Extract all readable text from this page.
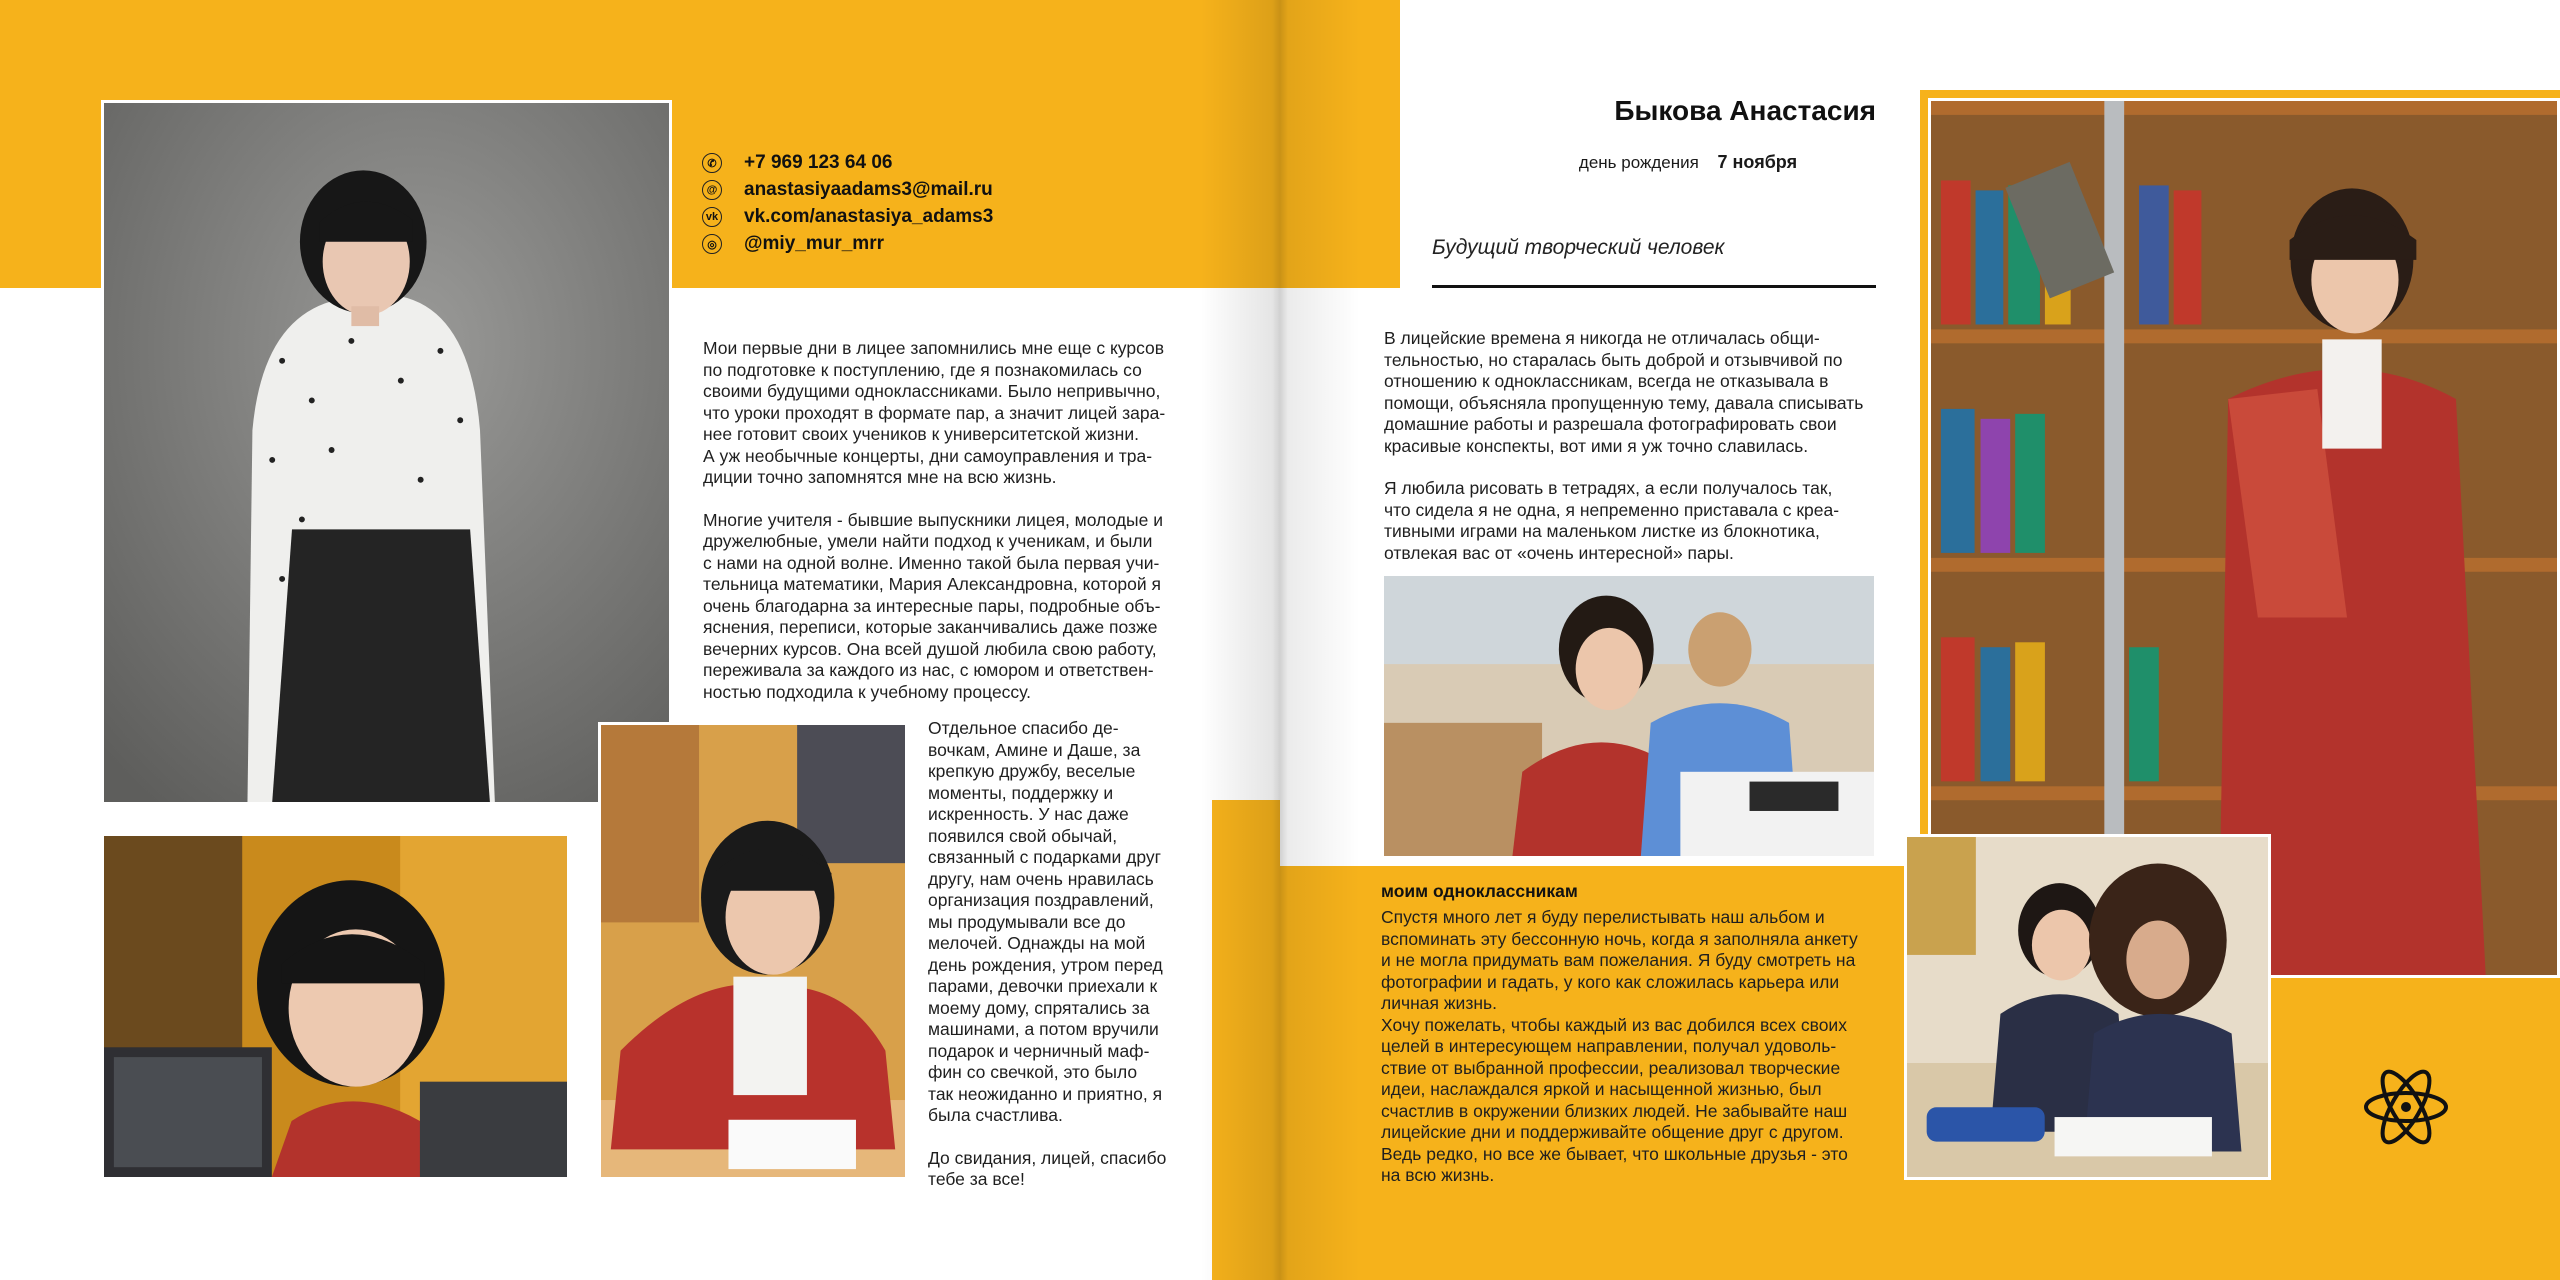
✆ +7 969 123 64 06
@ anastasiyaadams3@mail.ru
vk vk.com/anastasiya_adams3
◎ @miy_mur_mrr

Мои первые дни в лицее запомнились мне еще с курсов
по подготовке к поступлению, где я познакомилась со
своими будущими одноклассниками. Было непривычно,
что уроки проходят в формате пар, а значит лицей зара-
нее готовит своих учеников к университетской жизни.
А уж необычные концерты, дни самоуправления и тра-
диции точно запомнятся мне на всю жизнь.

Многие учителя - бывшие выпускники лицея, молодые и
дружелюбные, умели найти подход к ученикам, и были
с нами на одной волне. Именно такой была первая учи-
тельница математики, Мария Александровна, которой я
очень благодарна за интересные пары, подробные объ-
яснения, переписи, которые заканчивались даже позже
вечерних курсов. Она всей душой любила свою работу,
переживала за каждого из нас, с юмором и ответствен-
ностью подходила к учебному процессу.

Отдельное спасибо де-
вочкам, Амине и Даше, за
крепкую дружбу, веселые
моменты, поддержку и
искренность. У нас даже
появился свой обычай,
связанный с подарками друг
другу, нам очень нравилась
организация поздравлений,
мы продумывали все до
мелочей. Однажды на мой
день рождения, утром перед
парами, девочки приехали к
моему дому, спрятались за
машинами, а потом вручили
подарок и черничный маф-
фин со свечкой, это было
так неожиданно и приятно, я
была счастлива.

До свидания, лицей, спасибо
тебе за все!

Быкова Анастасия
день рождения 7 ноября
Будущий творческий человек

В лицейские времена я никогда не отличалась общи-
тельностью, но старалась быть доброй и отзывчивой по
отношению к одноклассникам, всегда не отказывала в
помощи, объясняла пропущенную тему, давала списывать
домашние работы и разрешала фотографировать свои
красивые конспекты, вот ими я уж точно славилась.

Я любила рисовать в тетрадях, а если получалось так,
что сидела я не одна, я непременно приставала с креа-
тивными играми на маленьком листке из блокнотика,
отвлекая вас от «очень интересной» пары.

моим одноклассникам

Спустя много лет я буду перелистывать наш альбом и
вспоминать эту бессонную ночь, когда я заполняла анкету
и не могла придумать вам пожелания. Я буду смотреть на
фотографии и гадать, у кого как сложилась карьера или
личная жизнь.
Хочу пожелать, чтобы каждый из вас добился всех своих
целей в интересующем направлении, получал удоволь-
ствие от выбранной профессии, реализовал творческие
идеи, наслаждался яркой и насыщенной жизнью, был
счастлив в окружении близких людей. Не забывайте наш
лицейские дни и поддерживайте общение друг с другом.
Ведь редко, но все же бывает, что школьные друзья - это
на всю жизнь.
